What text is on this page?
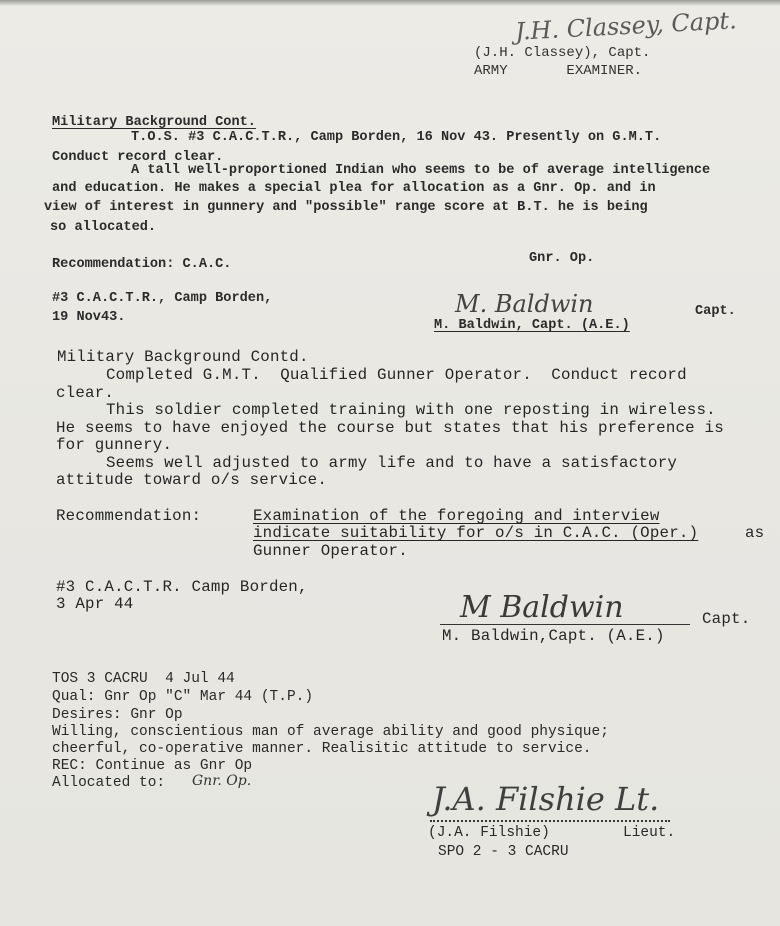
J.H. Classey, Capt.
(J.H. Classey), Capt.
ARMY       EXAMINER.
Military Background Cont.
T.O.S. #3 C.A.C.T.R., Camp Borden, 16 Nov 43. Presently on G.M.T.
Conduct record clear.
A tall well-proportioned Indian who seems to be of average intelligence
and education. He makes a special plea for allocation as a Gnr. Op. and in
view of interest in gunnery and "possible" range score at B.T. he is being
so allocated.
Recommendation: C.A.C.	Gnr. Op.
#3 C.A.C.T.R., Camp Borden,
19 Nov43.	M. Baldwin
M. Baldwin, Capt. (A.E.)
Capt.
Military Background Contd.
Completed G.M.T.  Qualified Gunner Operator.  Conduct record
clear.
This soldier completed training with one reposting in wireless.
He seems to have enjoyed the course but states that his preference is
for gunnery.
Seems well adjusted to army life and to have a satisfactory
attitude toward o/s service.
Recommendation:	Examination of the foregoing and interview
indicate suitability for o/s in C.A.C. (Oper.)	as
Gunner Operator.
#3 C.A.C.T.R. Camp Borden,
3 Apr 44	M Baldwin	Capt.
M. Baldwin,Capt. (A.E.)
TOS 3 CACRU  4 Jul 44
Qual: Gnr Op "C" Mar 44 (T.P.)
Desires: Gnr Op
Willing, conscientious man of average ability and good physique;
cheerful, co-operative manner. Realisitic attitude to service.
REC: Continue as Gnr Op
Allocated to: Gnr. Op.	J.A. Filshie Lt.
(J.A. Filshie)	Lieut.
SPO 2 - 3 CACRU
